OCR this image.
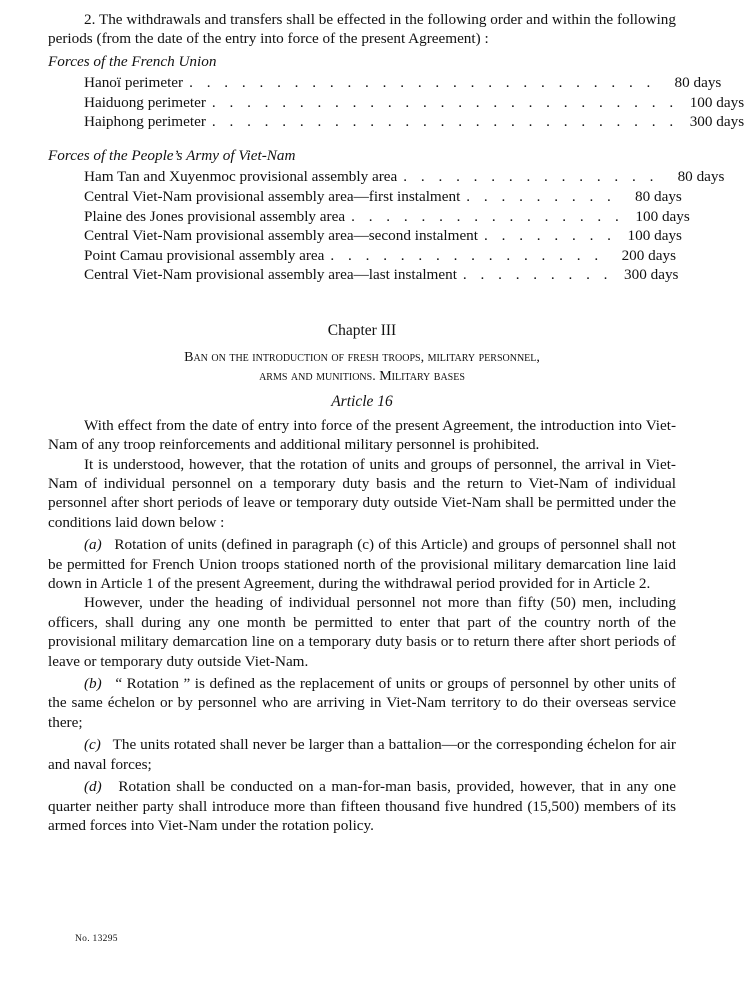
2. The withdrawals and transfers shall be effected in the following order and within the following periods (from the date of the entry into force of the present Agreement) :

Forces of the French Union
Hanoï perimeter . . . . . . . . . . . . . . . . . . . . . . . . . . .	80 days
Haiduong perimeter . . . . . . . . . . . . . . . . . . . . . . . . . . . 100 days
Haiphong perimeter . . . . . . . . . . . . . . . . . . . . . . . . . . . 300 days
Forces of the People’s Army of Viet-Nam
Ham Tan and Xuyenmoc provisional assembly area . . . . . . . . . . . . . . .	80 days
Central Viet-Nam provisional assembly area—first instalment . . . . . . . . .	80 days
Plaine des Jones provisional assembly area . . . . . . . . . . . . . . . . 100 days
Central Viet-Nam provisional assembly area—second instalment . . . . . . . . 100 days
Point Camau provisional assembly area . . . . . . . . . . . . . . . .	200 days
Central Viet-Nam provisional assembly area—last instalment . . . . . . . . . 300 days
Chapter III
Ban on the introduction of fresh troops, military personnel,
arms and munitions. Military bases
Article 16

With effect from the date of entry into force of the present Agreement, the introduction into Viet-Nam of any troop reinforcements and additional military personnel is prohibited.

It is understood, however, that the rotation of units and groups of personnel, the arrival in Viet-Nam of individual personnel on a temporary duty basis and the return to Viet-Nam of individual personnel after short periods of leave or temporary duty outside Viet-Nam shall be permitted under the conditions laid down below :

(a) Rotation of units (defined in paragraph (c) of this Article) and groups of personnel shall not be permitted for French Union troops stationed north of the provisional military demarcation line laid down in Article 1 of the present Agreement, during the withdrawal period provided for in Article 2.

However, under the heading of individual personnel not more than fifty (50) men, including officers, shall during any one month be permitted to enter that part of the country north of the provisional military demarcation line on a temporary duty basis or to return there after short periods of leave or temporary duty outside Viet-Nam.

(b) “ Rotation ” is defined as the replacement of units or groups of personnel by other units of the same échelon or by personnel who are arriving in Viet-Nam territory to do their overseas service there;

(c) The units rotated shall never be larger than a battalion—or the corresponding échelon for air and naval forces;

(d) Rotation shall be conducted on a man-for-man basis, provided, however, that in any one quarter neither party shall introduce more than fifteen thousand five hundred (15,500) members of its armed forces into Viet-Nam under the rotation policy.

No. 13295
